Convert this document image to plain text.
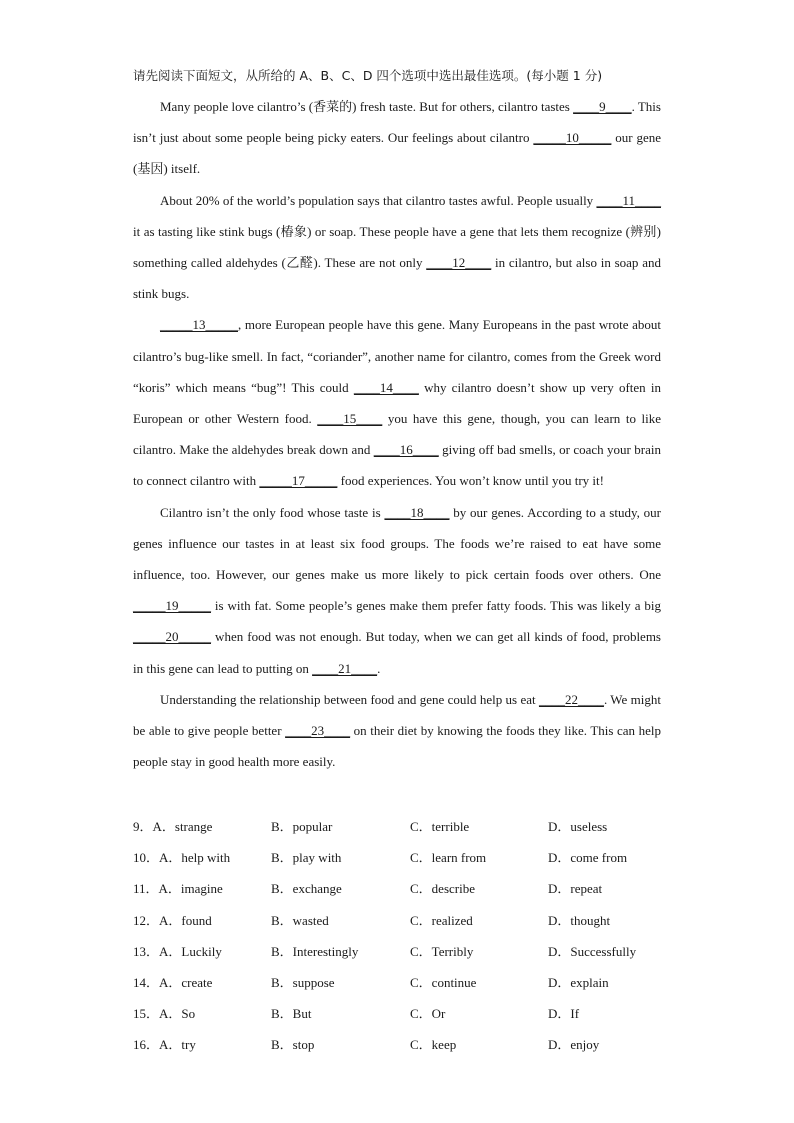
请先阅读下面短文，从所给的 A、B、C、D 四个选项中选出最佳选项。(每小题 1 分)

Many people love cilantro’s (香菜的) fresh taste. But for others, cilantro tastes ____9____. This isn’t just about some people being picky eaters. Our feelings about cilantro _____10_____ our gene (基因) itself.

About 20% of the world’s population says that cilantro tastes awful. People usually ____11____ it as tasting like stink bugs (椿象) or soap. These people have a gene that lets them recognize (辨别) something called aldehydes (乙醛). These are not only ____12____ in cilantro, but also in soap and stink bugs.

_____13_____, more European people have this gene. Many Europeans in the past wrote about cilantro’s bug-like smell. In fact, “coriander”, another name for cilantro, comes from the Greek word “koris” which means “bug”! This could ____14____ why cilantro doesn’t show up very often in European or other Western food. ____15____ you have this gene, though, you can learn to like cilantro. Make the aldehydes break down and ____16____ giving off bad smells, or coach your brain to connect cilantro with _____17_____ food experiences. You won’t know until you try it!

Cilantro isn’t the only food whose taste is ____18____ by our genes. According to a study, our genes influence our tastes in at least six food groups. The foods we’re raised to eat have some influence, too. However, our genes make us more likely to pick certain foods over others. One _____19_____ is with fat. Some people’s genes make them prefer fatty foods. This was likely a big _____20_____ when food was not enough. But today, when we can get all kinds of food, problems in this gene can lead to putting on ____21____.

Understanding the relationship between food and gene could help us eat ____22____. We might be able to give people better ____23____ on their diet by knowing the foods they like. This can help people stay in good health more easily.

9．A．strange	B．popular	C．terrible	D．useless
10．A．help with	B．play with	C．learn from	D．come from
11．A．imagine	B．exchange	C．describe	D．repeat
12．A．found	B．wasted	C．realized	D．thought
13．A．Luckily	B．Interestingly	C．Terribly	D．Successfully
14．A．create	B．suppose	C．continue	D．explain
15．A．So	B．But	C．Or	D．If
16．A．try	B．stop	C．keep	D．enjoy
